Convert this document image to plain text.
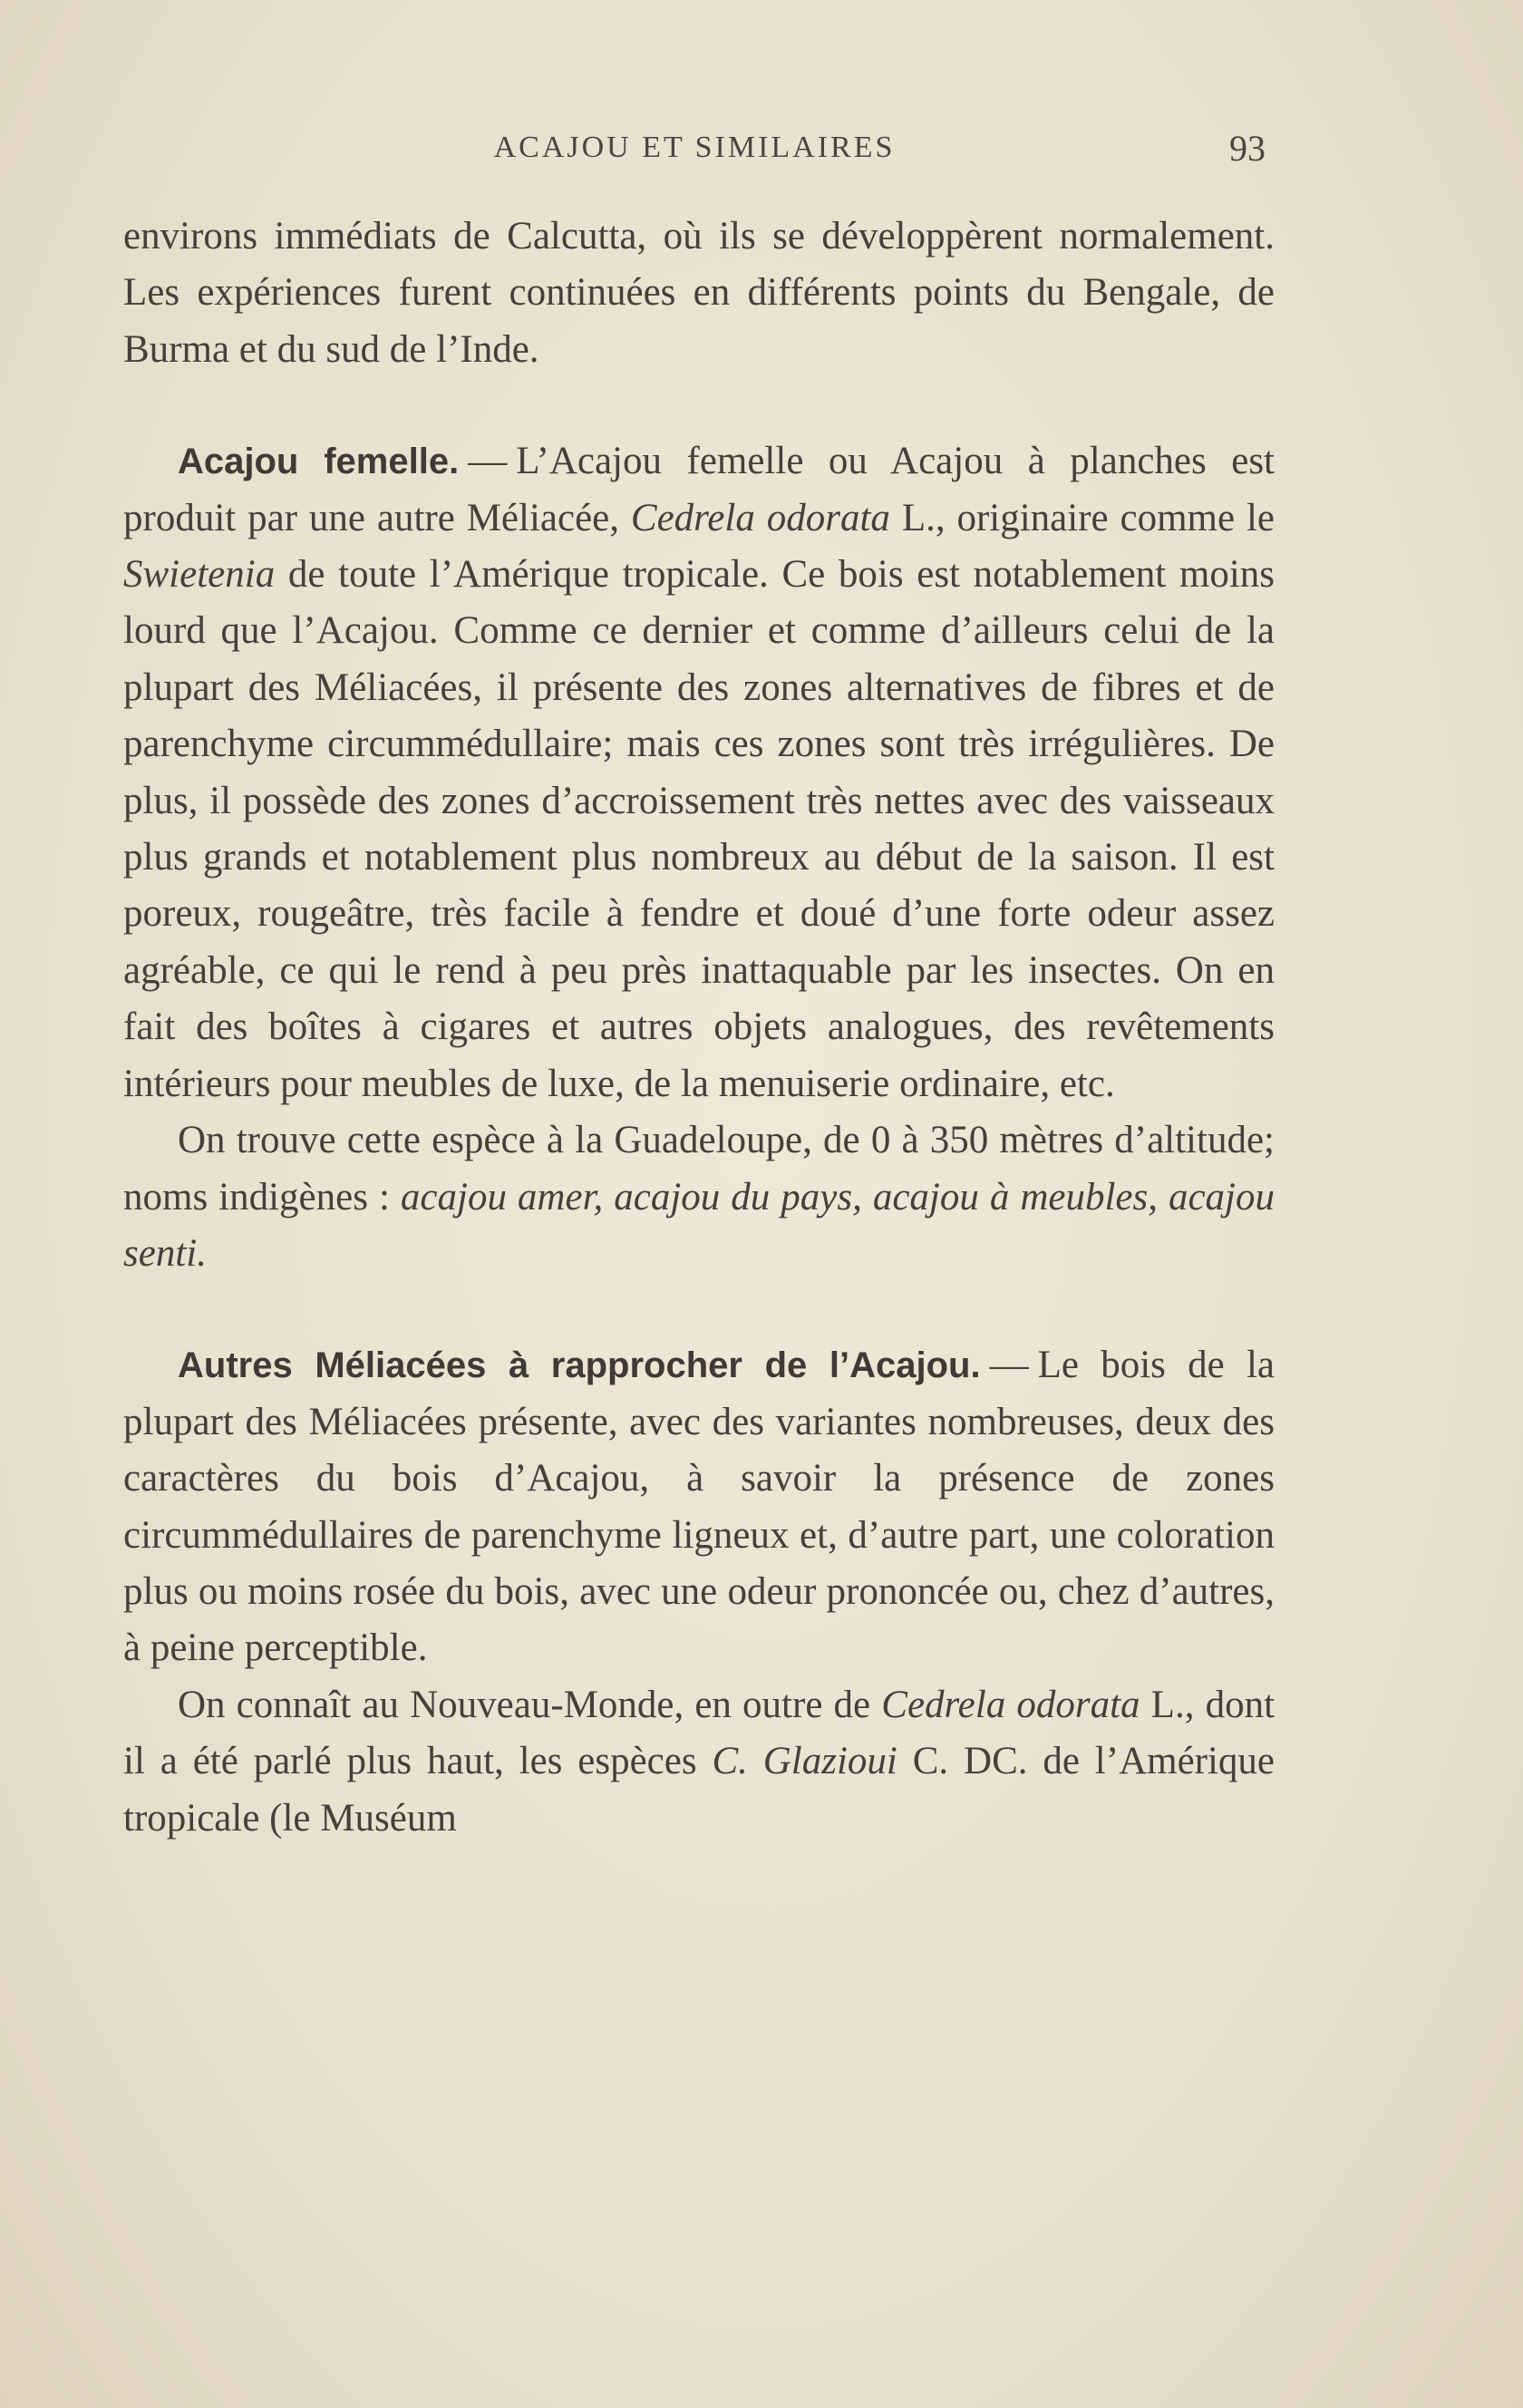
ACAJOU ET SIMILAIRES	93

environs immédiats de Calcutta, où ils se développèrent normalement. Les expériences furent continuées en différents points du Bengale, de Burma et du sud de l’Inde.

Acajou femelle. — L’Acajou femelle ou Acajou à planches est produit par une autre Méliacée, Cedrela odorata L., originaire comme le Swietenia de toute l’Amérique tropicale. Ce bois est notablement moins lourd que l’Acajou. Comme ce dernier et comme d’ailleurs celui de la plupart des Méliacées, il présente des zones alternatives de fibres et de parenchyme circummédullaire; mais ces zones sont très irrégulières. De plus, il possède des zones d’accroissement très nettes avec des vaisseaux plus grands et notablement plus nombreux au début de la saison. Il est poreux, rougeâtre, très facile à fendre et doué d’une forte odeur assez agréable, ce qui le rend à peu près inattaquable par les insectes. On en fait des boîtes à cigares et autres objets analogues, des revêtements intérieurs pour meubles de luxe, de la menuiserie ordinaire, etc.

On trouve cette espèce à la Guadeloupe, de 0 à 350 mètres d’altitude; noms indigènes : acajou amer, acajou du pays, acajou à meubles, acajou senti.

Autres Méliacées à rapprocher de l’Acajou. — Le bois de la plupart des Méliacées présente, avec des variantes nombreuses, deux des caractères du bois d’Acajou, à savoir la présence de zones circummédullaires de parenchyme ligneux et, d’autre part, une coloration plus ou moins rosée du bois, avec une odeur prononcée ou, chez d’autres, à peine perceptible.

On connaît au Nouveau-Monde, en outre de Cedrela odorata L., dont il a été parlé plus haut, les espèces C. Glazioui C. DC. de l’Amérique tropicale (le Muséum
